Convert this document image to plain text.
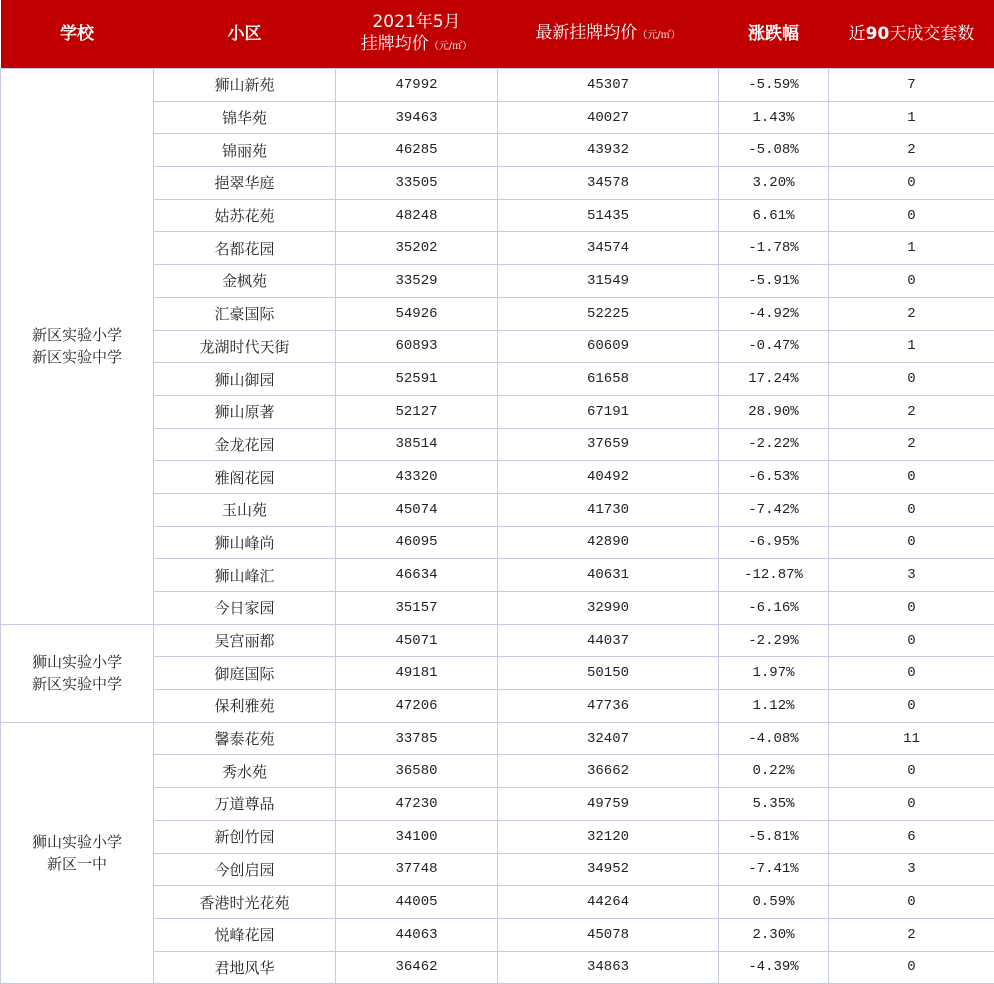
学校	小区	2021年5月
挂牌均价（元/㎡）	最新挂牌均价（元/㎡）	涨跌幅	近90天成交套数
新区实验小学
新区实验中学	狮山新苑	47992	45307	-5.59%	7
	锦华苑	39463	40027	1.43%	1
	锦丽苑	46285	43932	-5.08%	2
	挹翠华庭	33505	34578	3.20%	0
	姑苏花苑	48248	51435	6.61%	0
	名都花园	35202	34574	-1.78%	1
	金枫苑	33529	31549	-5.91%	0
	汇豪国际	54926	52225	-4.92%	2
	龙湖时代天街	60893	60609	-0.47%	1
	狮山御园	52591	61658	17.24%	0
	狮山原著	52127	67191	28.90%	2
	金龙花园	38514	37659	-2.22%	2
	雅阁花园	43320	40492	-6.53%	0
	玉山苑	45074	41730	-7.42%	0
	狮山峰尚	46095	42890	-6.95%	0
	狮山峰汇	46634	40631	-12.87%	3
	今日家园	35157	32990	-6.16%	0
狮山实验小学
新区实验中学	吴宫丽都	45071	44037	-2.29%	0
	御庭国际	49181	50150	1.97%	0
	保利雅苑	47206	47736	1.12%	0
狮山实验小学
新区一中	馨泰花苑	33785	32407	-4.08%	11
	秀水苑	36580	36662	0.22%	0
	万道尊品	47230	49759	5.35%	0
	新创竹园	34100	32120	-5.81%	6
	今创启园	37748	34952	-7.41%	3
	香港时光花苑	44005	44264	0.59%	0
	悦峰花园	44063	45078	2.30%	2
	君地风华	36462	34863	-4.39%	0
